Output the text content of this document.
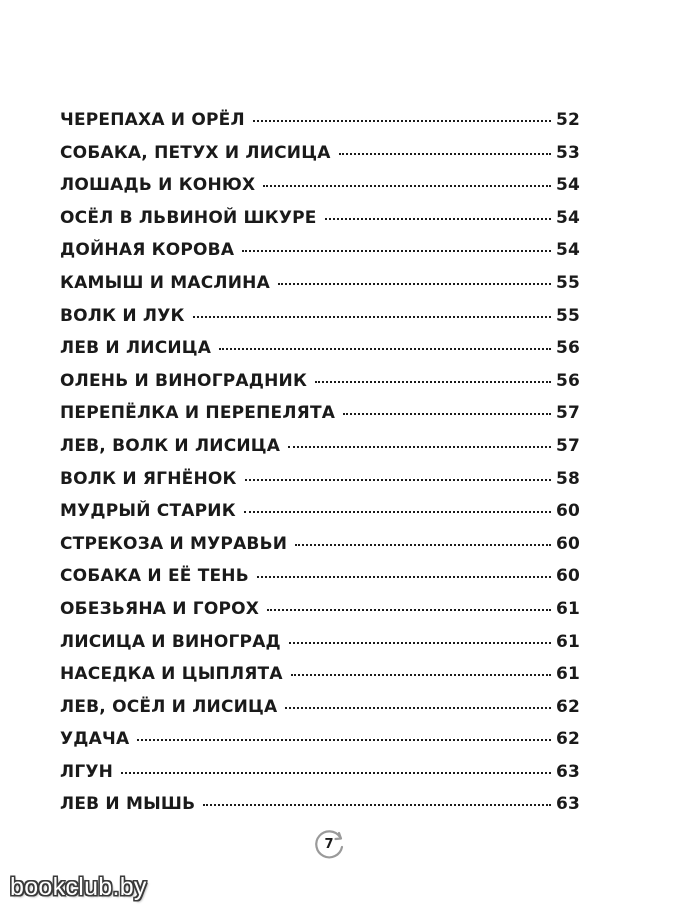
ЧЕРЕПАХА И ОРЁЛ	52
СОБАКА, ПЕТУХ И ЛИСИЦА	53
ЛОШАДЬ И КОНЮХ	54
ОСЁЛ В ЛЬВИНОЙ ШКУРЕ	54
ДОЙНАЯ КОРОВА	54
КАМЫШ И МАСЛИНА	55
ВОЛК И ЛУК	55
ЛЕВ И ЛИСИЦА	56
ОЛЕНЬ И ВИНОГРАДНИК	56
ПЕРЕПЁЛКА И ПЕРЕПЕЛЯТА	57
ЛЕВ, ВОЛК И ЛИСИЦА	57
ВОЛК И ЯГНЁНОК	58
МУДРЫЙ СТАРИК	60
СТРЕКОЗА И МУРАВЬИ	60
СОБАКА И ЕЁ ТЕНЬ	60
ОБЕЗЬЯНА И ГОРОХ	61
ЛИСИЦА И ВИНОГРАД	61
НАСЕДКА И ЦЫПЛЯТА	61
ЛЕВ, ОСЁЛ И ЛИСИЦА	62
УДАЧА	62
ЛГУН	63
ЛЕВ И МЫШЬ	63
7
bookclub.by
